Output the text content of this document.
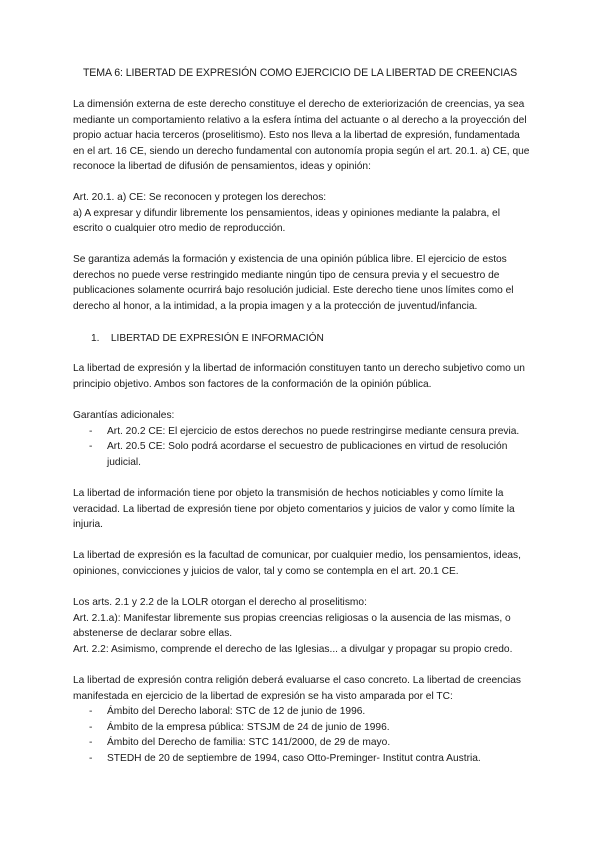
TEMA 6: LIBERTAD DE EXPRESIÓN COMO EJERCICIO DE LA LIBERTAD DE CREENCIAS

La dimensión externa de este derecho constituye el derecho de exteriorización de creencias, ya sea mediante un comportamiento relativo a la esfera íntima del actuante o al derecho a la proyección del propio actuar hacia terceros (proselitismo). Esto nos lleva a la libertad de expresión, fundamentada en el art. 16 CE, siendo un derecho fundamental con autonomía propia según el art. 20.1. a) CE, que reconoce la libertad de difusión de pensamientos, ideas y opinión:

Art. 20.1. a) CE: Se reconocen y protegen los derechos:

a) A expresar y difundir libremente los pensamientos, ideas y opiniones mediante la palabra, el escrito o cualquier otro medio de reproducción.

Se garantiza además la formación y existencia de una opinión pública libre. El ejercicio de estos derechos no puede verse restringido mediante ningún tipo de censura previa y el secuestro de publicaciones solamente ocurrirá bajo resolución judicial. Este derecho tiene unos límites como el derecho al honor, a la intimidad, a la propia imagen y a la protección de juventud/infancia.

1. LIBERTAD DE EXPRESIÓN E INFORMACIÓN

La libertad de expresión y la libertad de información constituyen tanto un derecho subjetivo como un principio objetivo. Ambos son factores de la conformación de la opinión pública.

Garantías adicionales:

- Art. 20.2 CE: El ejercicio de estos derechos no puede restringirse mediante censura previa.
- Art. 20.5 CE: Solo podrá acordarse el secuestro de publicaciones en virtud de resolución judicial.

La libertad de información tiene por objeto la transmisión de hechos noticiables y como límite la veracidad. La libertad de expresión tiene por objeto comentarios y juicios de valor y como límite la injuria.

La libertad de expresión es la facultad de comunicar, por cualquier medio, los pensamientos, ideas, opiniones, convicciones y juicios de valor, tal y como se contempla en el art. 20.1 CE.

Los arts. 2.1 y 2.2 de la LOLR otorgan el derecho al proselitismo:

Art. 2.1.a): Manifestar libremente sus propias creencias religiosas o la ausencia de las mismas, o abstenerse de declarar sobre ellas.

Art. 2.2: Asimismo, comprende el derecho de las Iglesias... a divulgar y propagar su propio credo.

La libertad de expresión contra religión deberá evaluarse el caso concreto. La libertad de creencias manifestada en ejercicio de la libertad de expresión se ha visto amparada por el TC:

- Ámbito del Derecho laboral: STC de 12 de junio de 1996.
- Ámbito de la empresa pública: STSJM de 24 de junio de 1996.
- Ámbito del Derecho de familia: STC 141/2000, de 29 de mayo.
- STEDH de 20 de septiembre de 1994, caso Otto-Preminger- Institut contra Austria.
